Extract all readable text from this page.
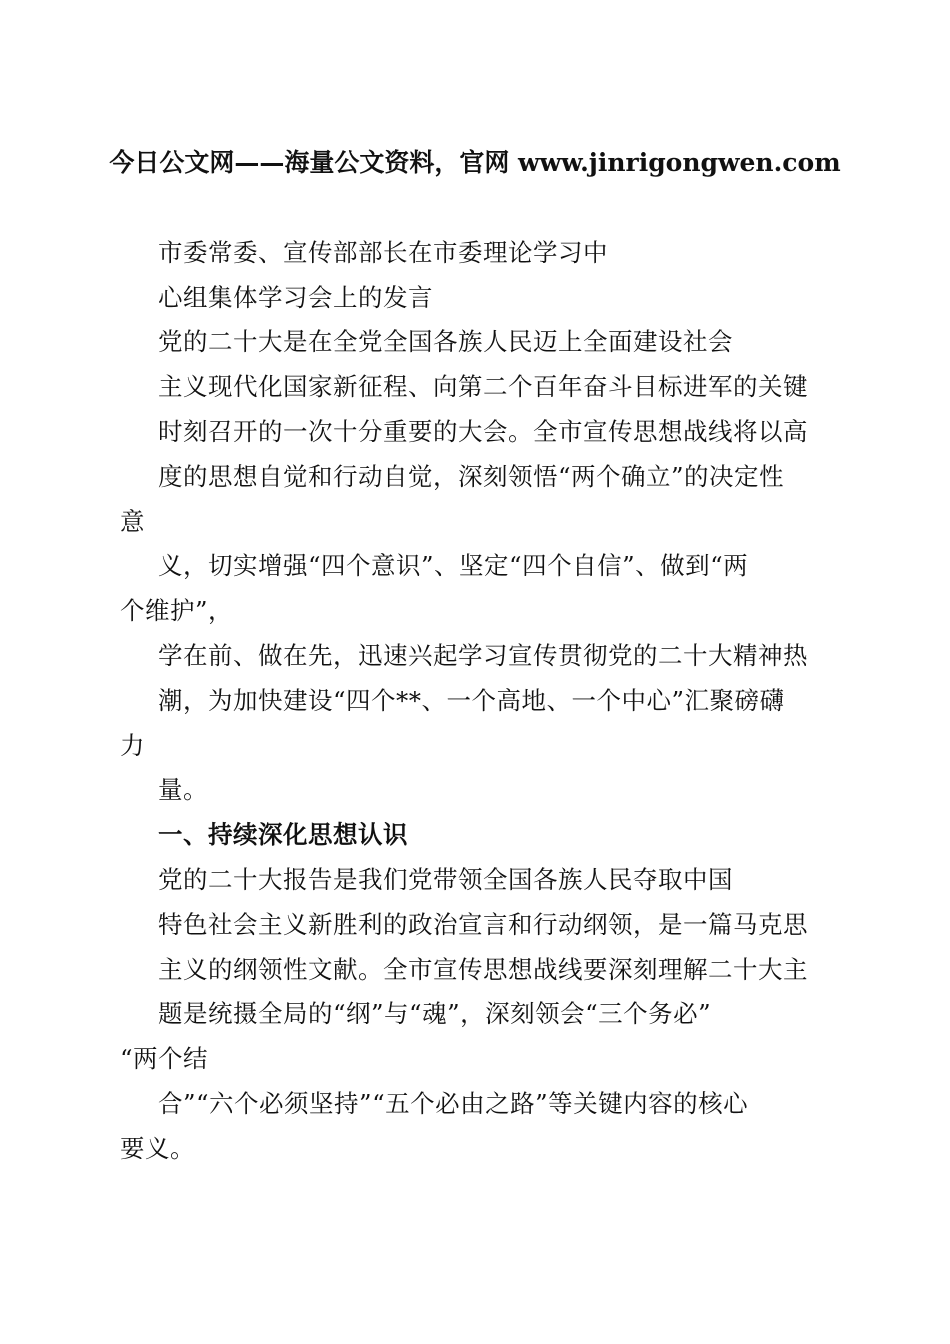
今日公文网——海量公文资料，官网 www.jinrigongwen.com
市委常委、宣传部部长在市委理论学习中
心组集体学习会上的发言
党的二十大是在全党全国各族人民迈上全面建设社会
主义现代化国家新征程、向第二个百年奋斗目标进军的关键
时刻召开的一次十分重要的大会。全市宣传思想战线将以高
度的思想自觉和行动自觉，深刻领悟“两个确立”的决定性
意
义，切实增强“四个意识”、坚定“四个自信”、做到“两
个维护”，
学在前、做在先，迅速兴起学习宣传贯彻党的二十大精神热
潮，为加快建设“四个**、一个高地、一个中心”汇聚磅礴
力
量。
一、持续深化思想认识
党的二十大报告是我们党带领全国各族人民夺取中国
特色社会主义新胜利的政治宣言和行动纲领，是一篇马克思
主义的纲领性文献。全市宣传思想战线要深刻理解二十大主
题是统摄全局的“纲”与“魂”，深刻领会“三个务必”
“两个结
合”“六个必须坚持”“五个必由之路”等关键内容的核心
要义。
